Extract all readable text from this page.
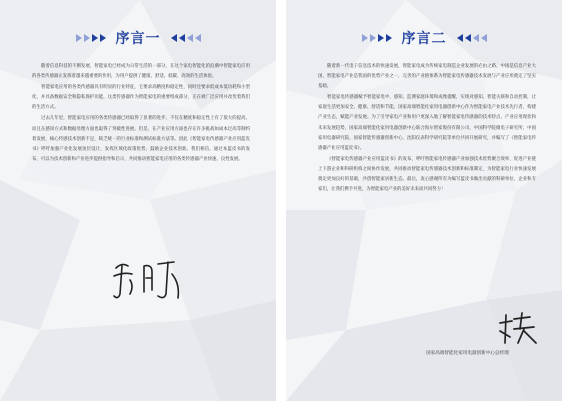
序言一

随着信息科技的不断发展，智能家电已经成为日常生活的一部分，在这个家电智能化的浪潮中智能家电应用的各类传感器正发挥着越来越重要的作用，为用户提供了健康、舒适、低碳、高效的生活体验。

智能家电应用的各类传感器具有明显的行业特征，它要求高精度和稳定性，同时还要求低成本低功耗和小型化，并具备数据安全和隐私保护功能，这类传感器作为智能家电的重要组成部分，正在被广泛应用并改变着我们的生活方式。

过去几年里，智能家电应用的各类传感器已经取得了显著的进步，不仅在精度和稳定性上有了很大的提高，而且在感知方式和数据处理方面也取得了突破性进展。但是，在产业应用方面也存在许多挑战如成本过高等制约着发展，核心传感技术创新不足，缺乏统一的行业标准和测试标准方法等。因此《智能家电传感器产业应用蓝皮书》呼吁加强产业化发展顶层设计，发挥区域化政策优势，鼓励企业技术创新。我们相信，通过本蓝皮书的发布，可以为技术创新和产业进步提供指导和启示，共同推动智能家电应用的各类传感器产业快速、良性发展。

序言二

随着新一代电子信息技术的快速发展，智能家电成为传统家电制造企业发展的必由之路。中国是信息产业大国，智能家电产业是我国的优势产业之一，完善的产业链体系为智能家电传感器技术发展与产业应用奠定了坚实基础。

智能家电传感器赋予智能家电中、感知、监测家庭环境和成像提醒，实现对感知、智能关联和自动控制，让家庭生活更加安全、健康、舒适和节能。国家高端智能化家用电器创新中心作为智能家电产业技术先行者，构建产业生态，赋能产业发展。为了引导家电产业和用户更深入地了解智能家电传感器的技术特点、产业应用现状和未来发展趋势，国家高端智能化家用电器创新中心联合海尔智家股份有限公司、中国科学院微电子研究所、中国家用电器研究院、国家智能传感器创新中心、沈阳仪表科学研究院等单位共同开展研究，并编写了《智能家电传感器产业应用蓝皮书》。

《智能家电传感器产业应用蓝皮书》的发布，呼吁智能家电传感器产业加强技术优势聚合效率，促进产业链上下游企业和科研机构之间协作发展，共同推动智能家电传感器技术创新和标准制定，为智能家电行业快速发展奠定更加良好的基础，共创智能家居新生态。最后，衷心感谢所有为编写蓝皮书做出贡献的科研单位、企业和专家们，让我们携手共进，为智能家电产业的美好未来而共同努力！

国家高端智能化家用电器创新中心总经理
